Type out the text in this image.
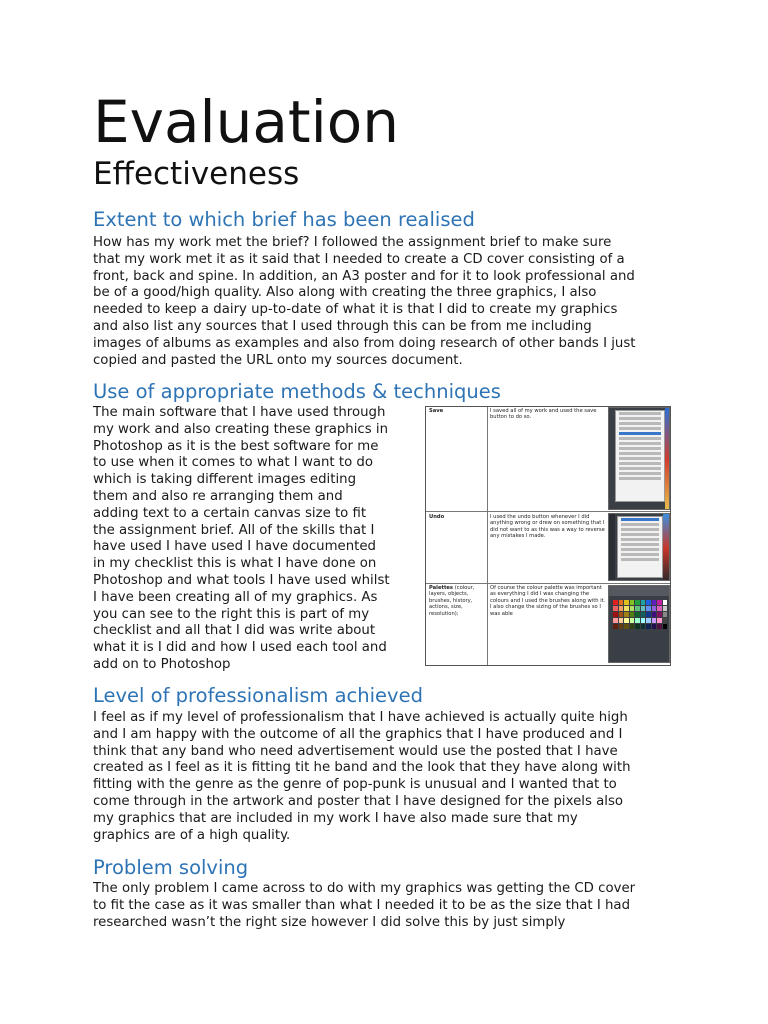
Evaluation
Effectiveness
Extent to which brief has been realised
How has my work met the brief? I followed the assignment brief to make sure
that my work met it as it said that I needed to create a CD cover consisting of a
front, back and spine. In addition, an A3 poster and for it to look professional and
be of a good/high quality. Also along with creating the three graphics, I also
needed to keep a dairy up-to-date of what it is that I did to create my graphics
and also list any sources that I used through this can be from me including
images of albums as examples and also from doing research of other bands I just
copied and pasted the URL onto my sources document.
Use of appropriate methods & techniques
The main software that I have used through
my work and also creating these graphics in
Photoshop as it is the best software for me
to use when it comes to what I want to do
which is taking different images editing
them and also re arranging them and
adding text to a certain canvas size to fit
the assignment brief. All of the skills that I
have used I have used I have documented
in my checklist this is what I have done on
Photoshop and what tools I have used whilst
I have been creating all of my graphics. As
you can see to the right this is part of my
checklist and all that I did was write about
what it is I did and how I used each tool and
add on to Photoshop
Save	I saved all of my work and used the save button to do so.
Undo	I used the undo button whenever I did anything wrong or drew on something that I did not want to as this was a way to reverse any mistakes I made.
Palettes (colour, layers, objects, brushes, history, actions, size, resolution);
Of course the colour palette was important as everything I did I was changing the colours and I used the brushes along with it. I also change the sizing of the brushes so I was able
Level of professionalism achieved
I feel as if my level of professionalism that I have achieved is actually quite high
and I am happy with the outcome of all the graphics that I have produced and I
think that any band who need advertisement would use the posted that I have
created as I feel as it is fitting tit he band and the look that they have along with
fitting with the genre as the genre of pop-punk is unusual and I wanted that to
come through in the artwork and poster that I have designed for the pixels also
my graphics that are included in my work I have also made sure that my
graphics are of a high quality.
Problem solving
The only problem I came across to do with my graphics was getting the CD cover
to fit the case as it was smaller than what I needed it to be as the size that I had
researched wasn’t the right size however I did solve this by just simply
